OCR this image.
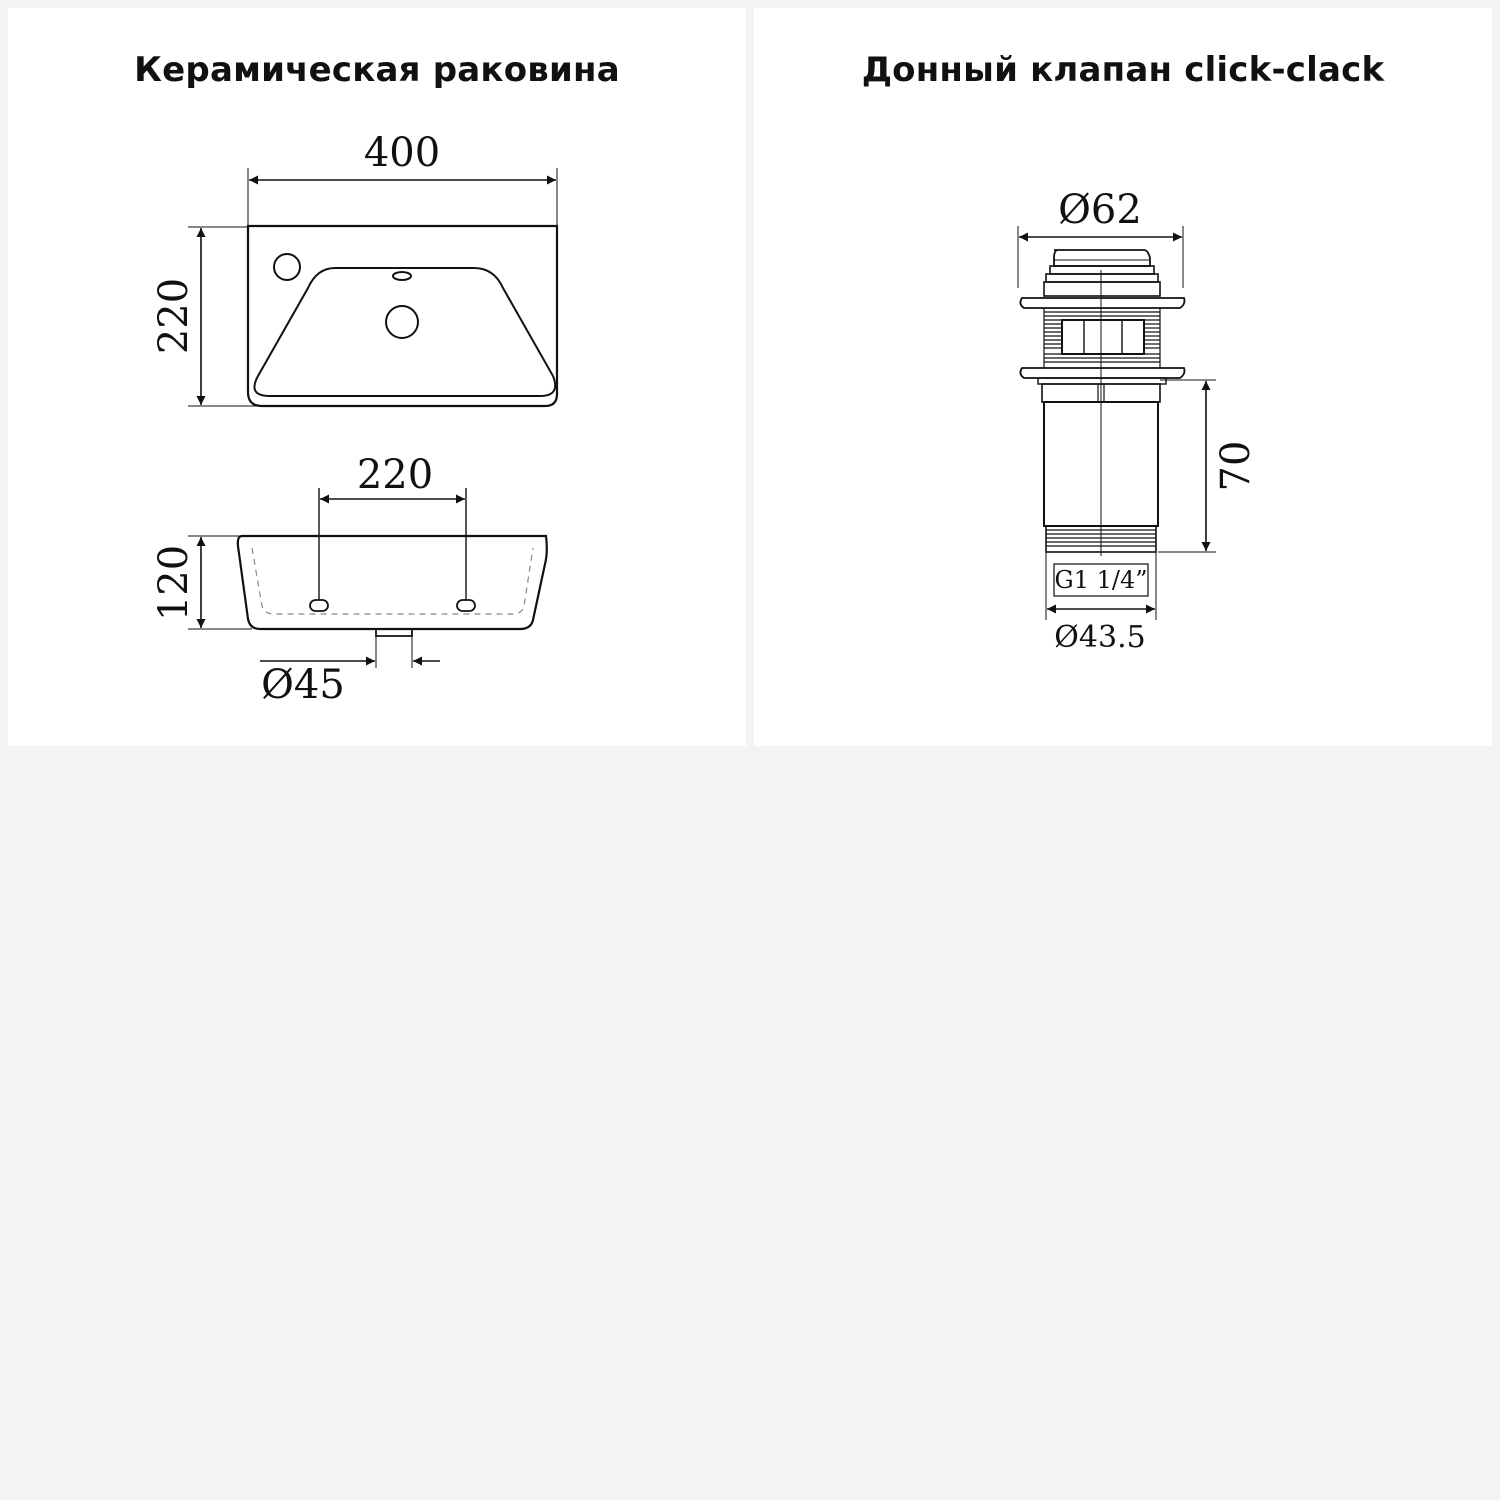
Керамическая раковина
400
220
220
120
Ø45
Донный клапан click-clack
Ø62
70
G1 1/4”
Ø43.5
